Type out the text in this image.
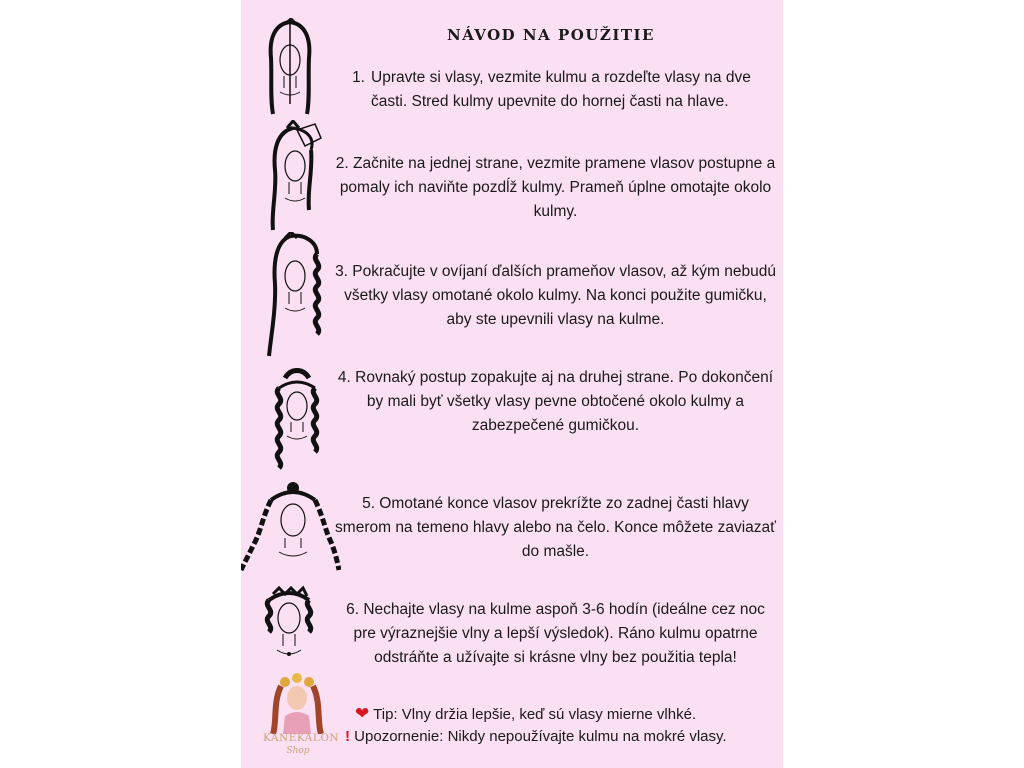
NÁVOD NA POUŽITIE
1. Upravte si vlasy, vezmite kulmu a rozdeľte vlasy na dve
časti. Stred kulmy upevnite do hornej časti na hlave.
2. Začnite na jednej strane, vezmite pramene vlasov postupne a pomaly ich naviňte pozdĺž kulmy. Prameň úplne omotajte okolo kulmy.
3. Pokračujte v ovíjaní ďalších prameňov vlasov, až kým nebudú všetky vlasy omotané okolo kulmy. Na konci použite gumičku, aby ste upevnili vlasy na kulme.
4. Rovnaký postup zopakujte aj na druhej strane. Po dokončení by mali byť všetky vlasy pevne obtočené okolo kulmy a zabezpečené gumičkou.
5. Omotané konce vlasov prekrížte zo zadnej časti hlavy smerom na temeno hlavy alebo na čelo. Konce môžete zaviazať do mašle.
6. Nechajte vlasy na kulme aspoň 3-6 hodín (ideálne cez noc pre výraznejšie vlny a lepší výsledok). Ráno kulmu opatrne odstráňte a užívajte si krásne vlny bez použitia tepla!
KANEKALON
Shop
❤ Tip: Vlny držia lepšie, keď sú vlasy mierne vlhké.
! Upozornenie: Nikdy nepoužívajte kulmu na mokré vlasy.
